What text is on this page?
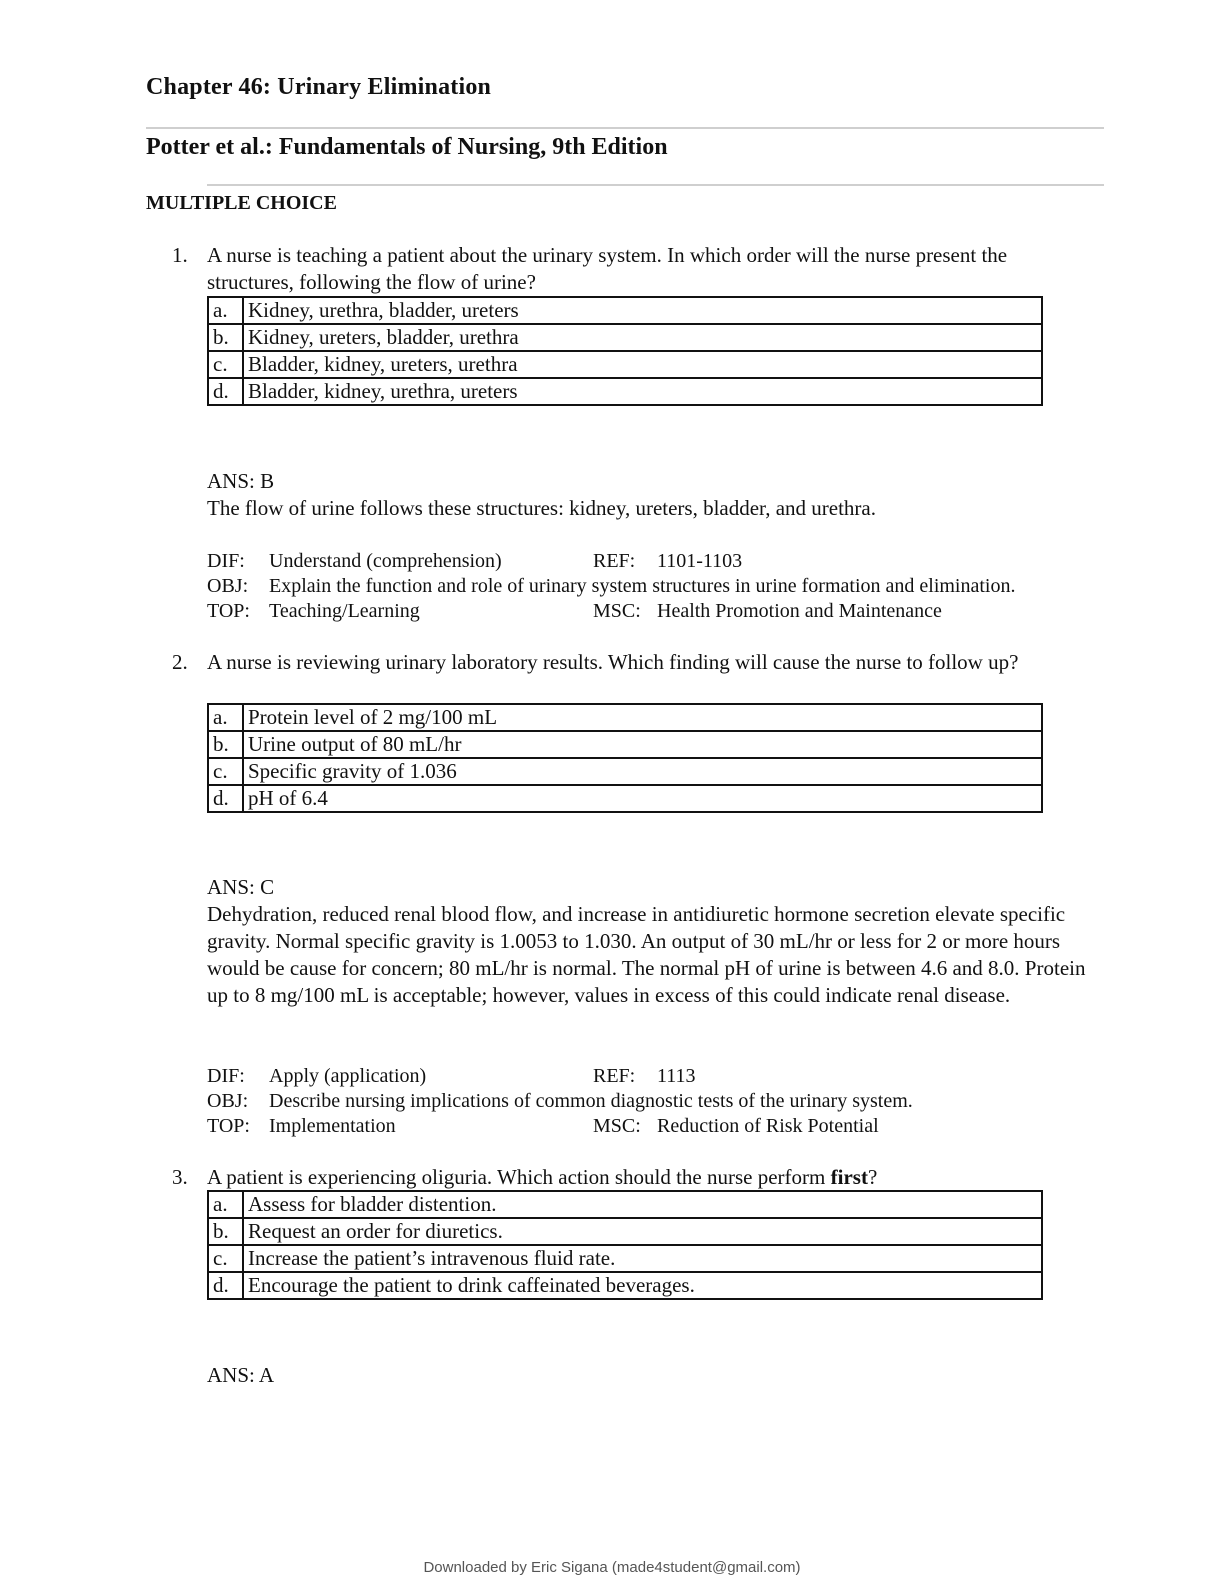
Chapter 46: Urinary Elimination
Potter et al.: Fundamentals of Nursing, 9th Edition
MULTIPLE CHOICE
1. A nurse is teaching a patient about the urinary system. In which order will the nurse present the structures, following the flow of urine?
a.	Kidney, urethra, bladder, ureters
b.	Kidney, ureters, bladder, urethra
c.	Bladder, kidney, ureters, urethra
d.	Bladder, kidney, urethra, ureters
ANS: B
The flow of urine follows these structures: kidney, ureters, bladder, and urethra.
DIF: Understand (comprehension)	REF: 1101-1103
OBJ: Explain the function and role of urinary system structures in urine formation and elimination.
TOP: Teaching/Learning	MSC: Health Promotion and Maintenance
2. A nurse is reviewing urinary laboratory results. Which finding will cause the nurse to follow up?
a.	Protein level of 2 mg/100 mL
b.	Urine output of 80 mL/hr
c.	Specific gravity of 1.036
d.	pH of 6.4
ANS: C
Dehydration, reduced renal blood flow, and increase in antidiuretic hormone secretion elevate specific gravity. Normal specific gravity is 1.0053 to 1.030. An output of 30 mL/hr or less for 2 or more hours would be cause for concern; 80 mL/hr is normal. The normal pH of urine is between 4.6 and 8.0. Protein up to 8 mg/100 mL is acceptable; however, values in excess of this could indicate renal disease.
DIF: Apply (application)	REF: 1113
OBJ: Describe nursing implications of common diagnostic tests of the urinary system.
TOP: Implementation	MSC: Reduction of Risk Potential
3. A patient is experiencing oliguria. Which action should the nurse perform first?
a.	Assess for bladder distention.
b.	Request an order for diuretics.
c.	Increase the patient’s intravenous fluid rate.
d.	Encourage the patient to drink caffeinated beverages.
ANS: A
Downloaded by Eric Sigana (made4student@gmail.com)
